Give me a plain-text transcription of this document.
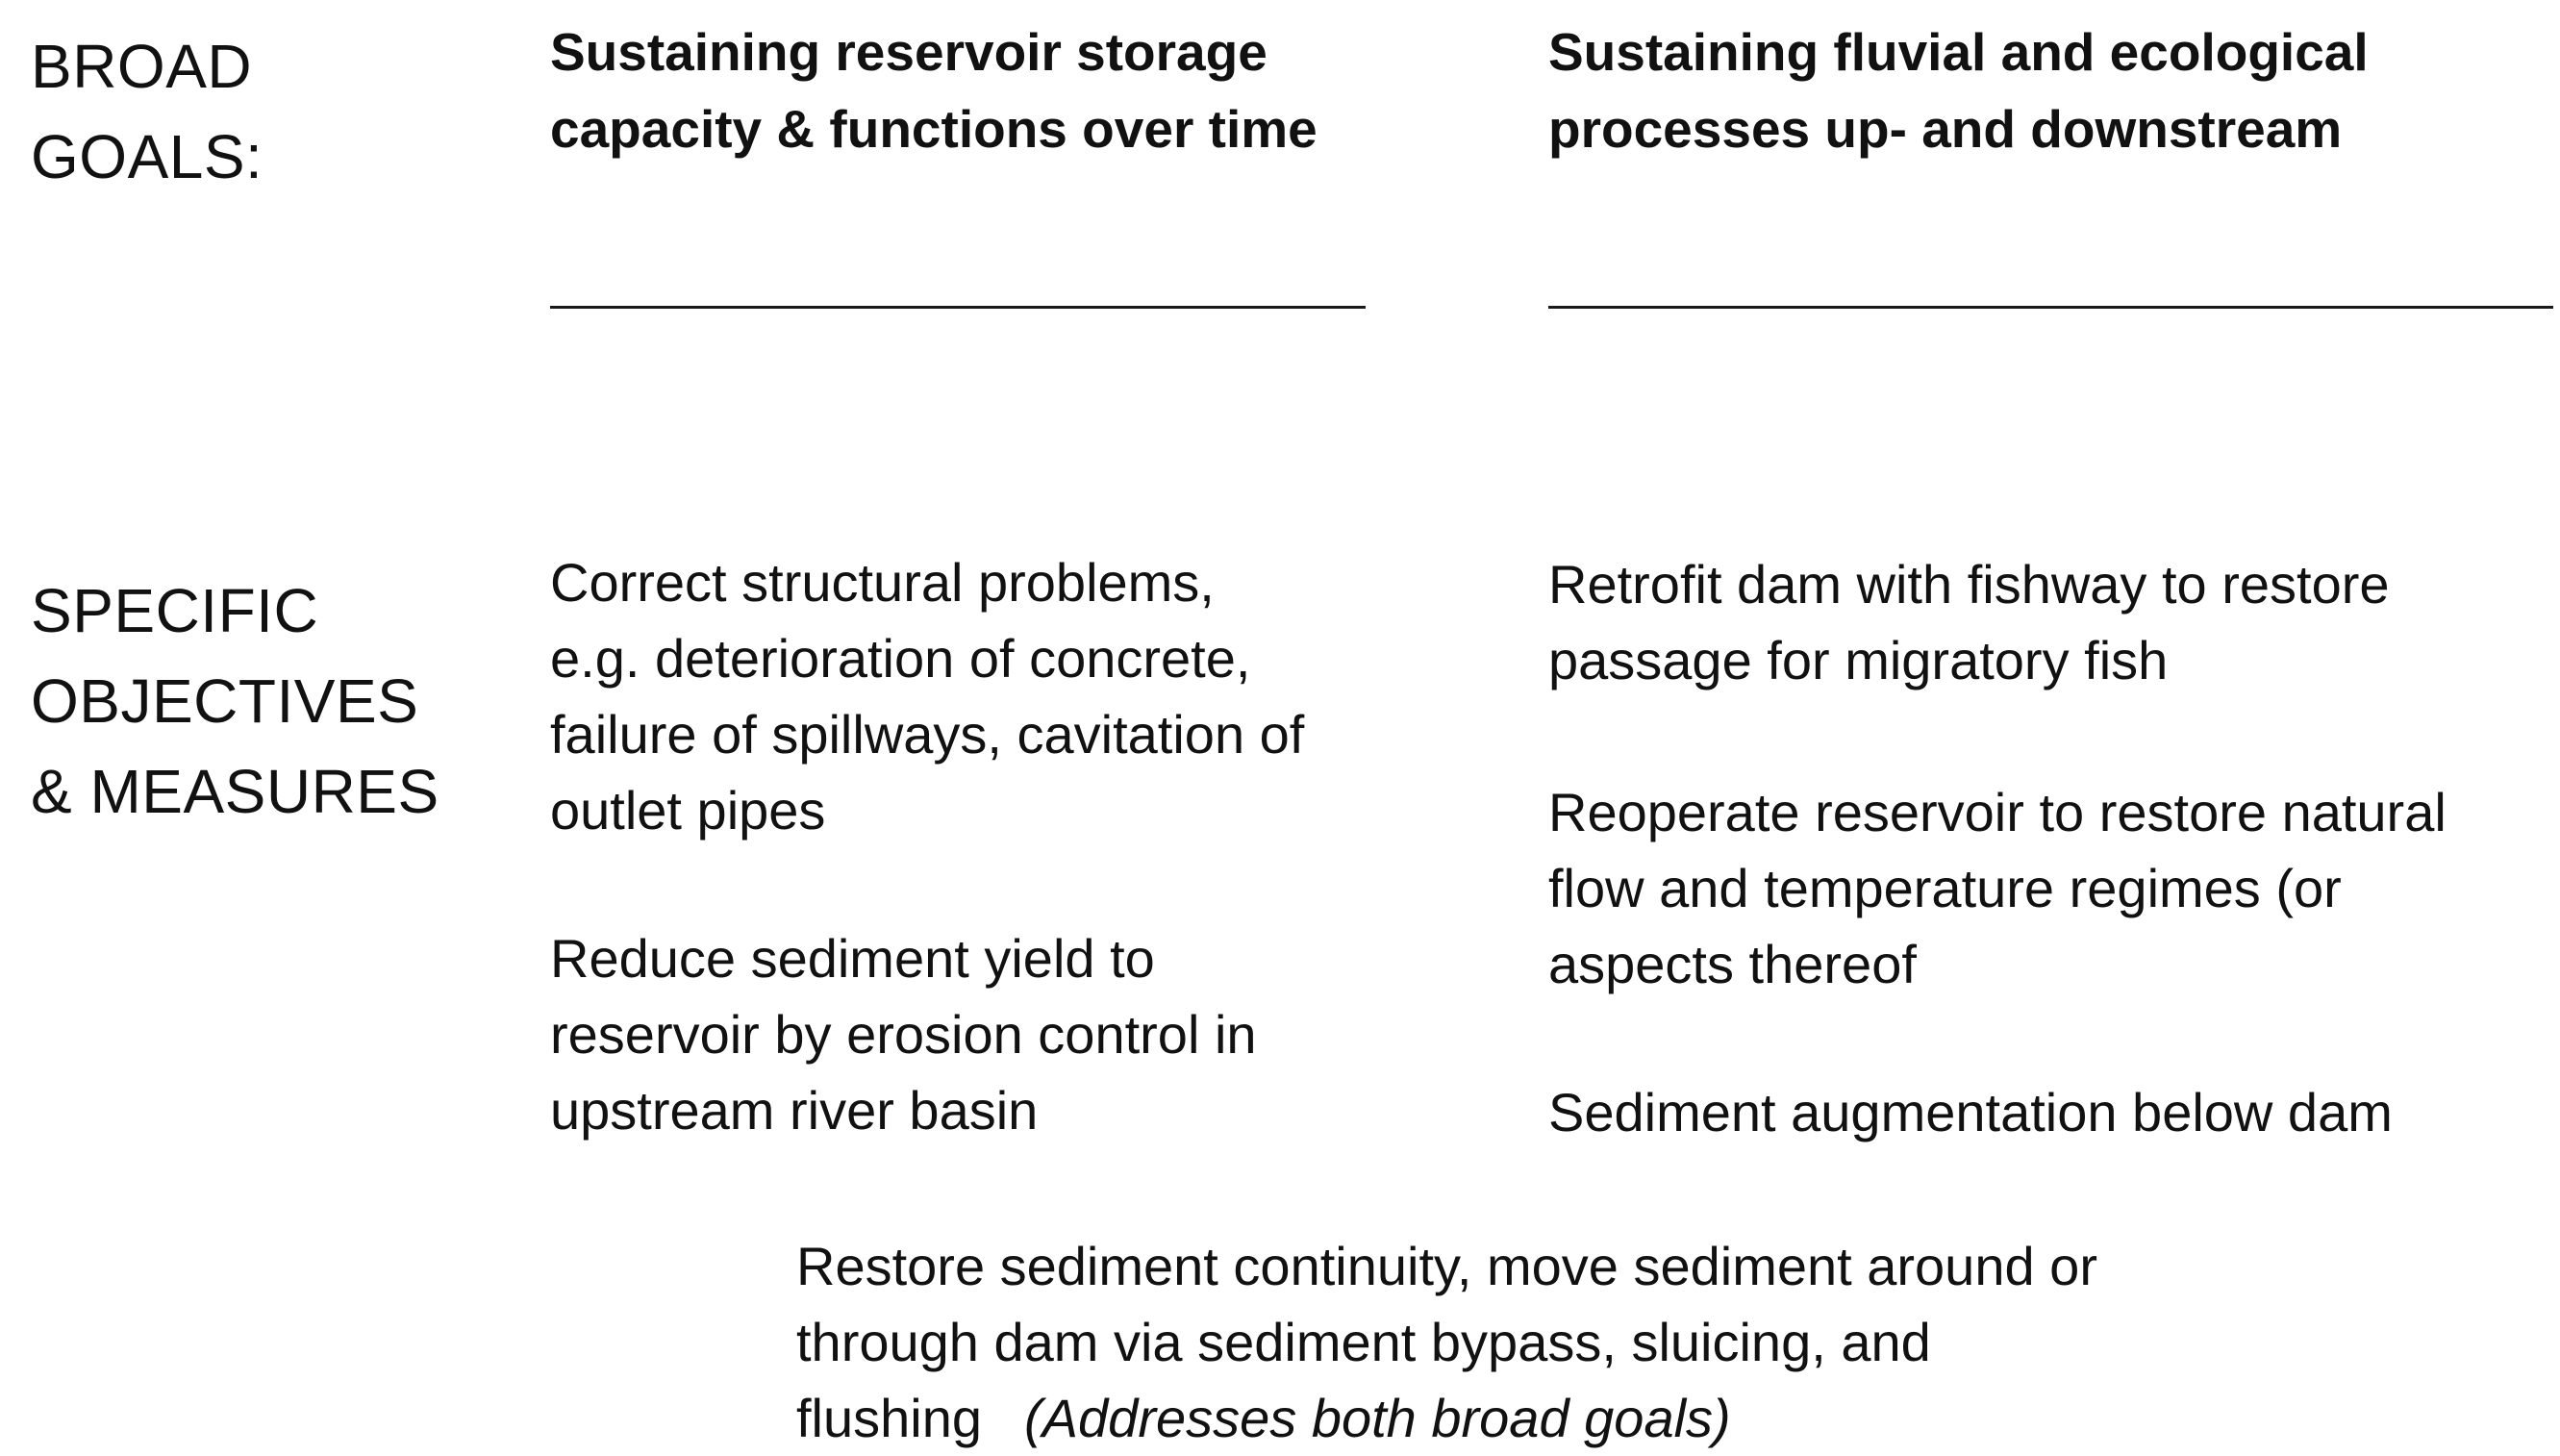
BROAD
GOALS:
SPECIFIC
OBJECTIVES
& MEASURES
Sustaining reservoir storage
capacity & functions over time
Sustaining fluvial and ecological
processes up- and downstream
Correct structural problems,
e.g. deterioration of concrete,
failure of spillways, cavitation of
outlet pipes
Reduce sediment yield to
reservoir by erosion control in
upstream river basin
Retrofit dam with fishway to restore
passage for migratory fish
Reoperate reservoir to restore natural
flow and temperature regimes (or
aspects thereof
Sediment augmentation below dam
Restore sediment continuity, move sediment around or
through dam via sediment bypass, sluicing, and
flushing (Addresses both broad goals)
